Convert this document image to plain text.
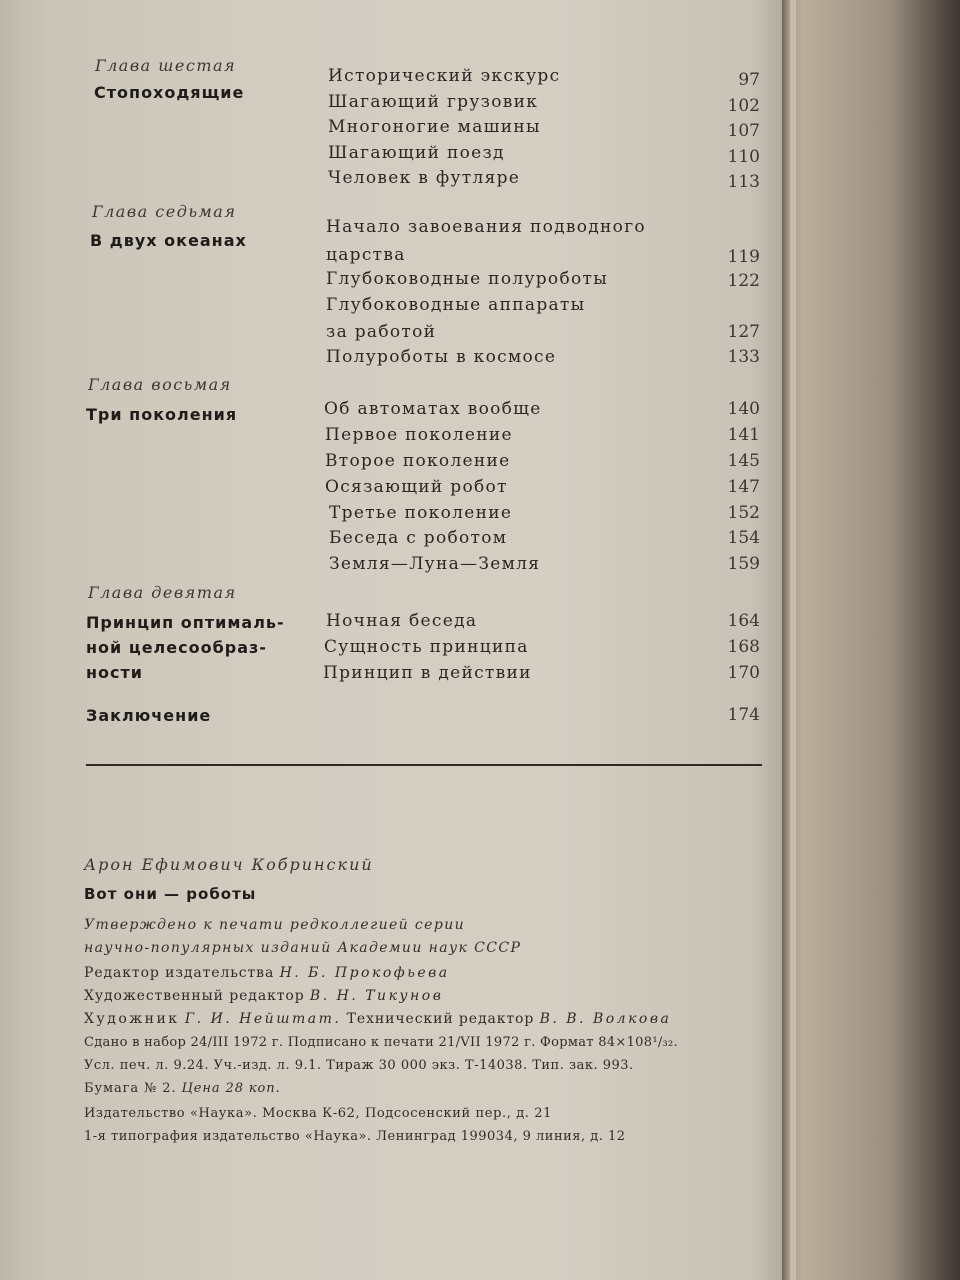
Глава шестая
Стопоходящие
Исторический экскурс	97
Шагающий грузовик	102
Многоногие машины	107
Шагающий поезд	110
Человек в футляре	113
Глава седьмая
В двух океанах
Начало завоевания подводного
царства	119
Глубоководные полуроботы	122
Глубоководные аппараты
за работой	127
Полуроботы в космосе	133
Глава восьмая
Три поколения	Об автоматах вообще	140
Первое поколение	141
Второе поколение	145
Осязающий робот	147
Третье поколение	152
Беседа с роботом	154
Земля—Луна—Земля	159
Глава девятая
Принцип оптималь-
ной целесообраз-
ности
Ночная беседа	164
Сущность принципа	168
Принцип в действии	170
Заключение	174
Арон Ефимович Кобринский
Вот они — роботы
Утверждено к печати редколлегией серии
научно-популярных изданий Академии наук СССР
Редактор издательства Н. Б. Прокофьева
Художественный редактор В. Н. Тикунов
Художник Г. И. Нейштат. Технический редактор В. В. Волкова
Сдано в набор 24/III 1972 г. Подписано к печати 21/VII 1972 г. Формат 84×108¹/₃₂.
Усл. печ. л. 9.24. Уч.-изд. л. 9.1. Тираж 30 000 экз. Т-14038. Тип. зак. 993.
Бумага № 2. Цена 28 коп.
Издательство «Наука». Москва К-62, Подсосенский пер., д. 21
1-я типография издательство «Наука». Ленинград 199034, 9 линия, д. 12
